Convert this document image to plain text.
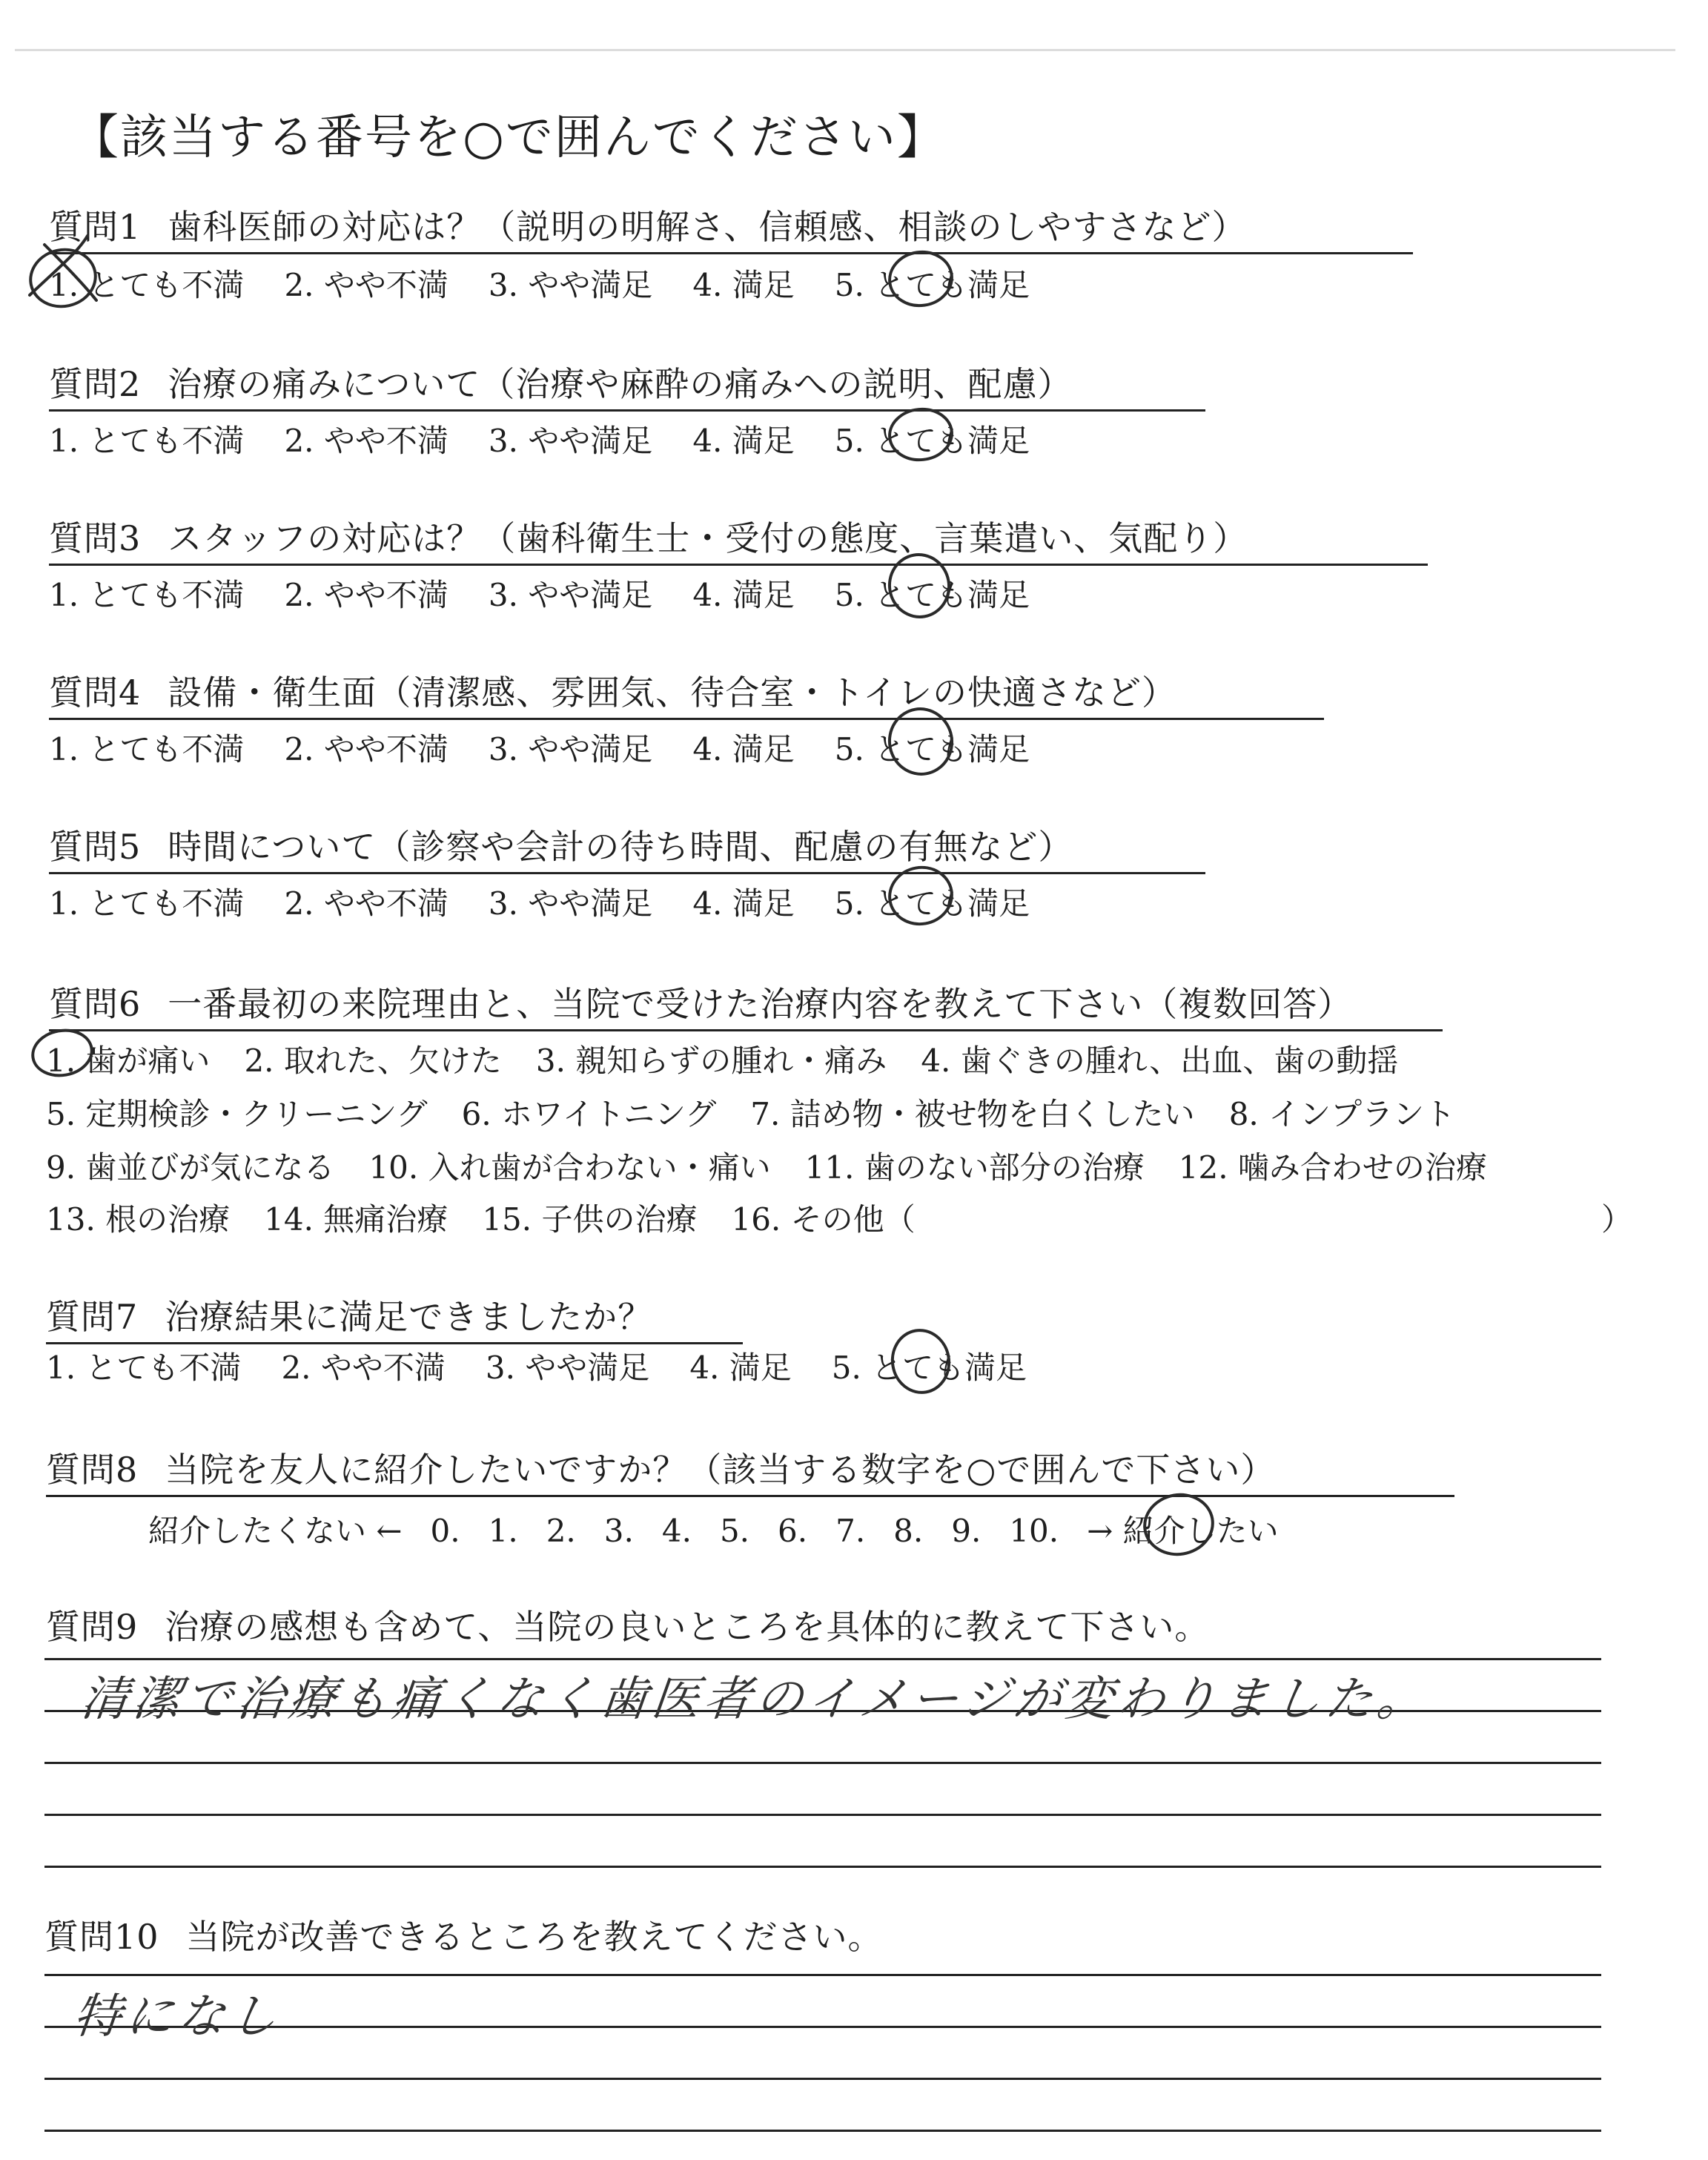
【該当する番号を○で囲んでください】
質問1 歯科医師の対応は？（説明の明解さ、信頼感、相談のしやすさなど）
1. とても不満 2. やや不満 3. やや満足 4. 満足 5. とても満足
質問2 治療の痛みについて（治療や麻酔の痛みへの説明、配慮）
1. とても不満 2. やや不満 3. やや満足 4. 満足 5. とても満足
質問3 スタッフの対応は？（歯科衛生士・受付の態度、言葉遣い、気配り）
1. とても不満 2. やや不満 3. やや満足 4. 満足 5. とても満足
質問4 設備・衛生面（清潔感、雰囲気、待合室・トイレの快適さなど）
1. とても不満 2. やや不満 3. やや満足 4. 満足 5. とても満足
質問5 時間について（診察や会計の待ち時間、配慮の有無など）
1. とても不満 2. やや不満 3. やや満足 4. 満足 5. とても満足
質問6 一番最初の来院理由と、当院で受けた治療内容を教えて下さい（複数回答）
1. 歯が痛い 2. 取れた、欠けた 3. 親知らずの腫れ・痛み 4. 歯ぐきの腫れ、出血、歯の動揺
5. 定期検診・クリーニング 6. ホワイトニング 7. 詰め物・被せ物を白くしたい 8. インプラント
9. 歯並びが気になる 10. 入れ歯が合わない・痛い 11. 歯のない部分の治療 12. 噛み合わせの治療
13. 根の治療 14. 無痛治療 15. 子供の治療 16. その他（	）
質問7 治療結果に満足できましたか？
1. とても不満 2. やや不満 3. やや満足 4. 満足 5. とても満足
質問8 当院を友人に紹介したいですか？（該当する数字を○で囲んで下さい）
紹介したくない ← 0. 1. 2. 3. 4. 5. 6. 7. 8. 9. 10. → 紹介したい
質問9 治療の感想も含めて、当院の良いところを具体的に教えて下さい。
清潔で治療も痛くなく歯医者のイメージが変わりました。
質問10 当院が改善できるところを教えてください。
特になし
